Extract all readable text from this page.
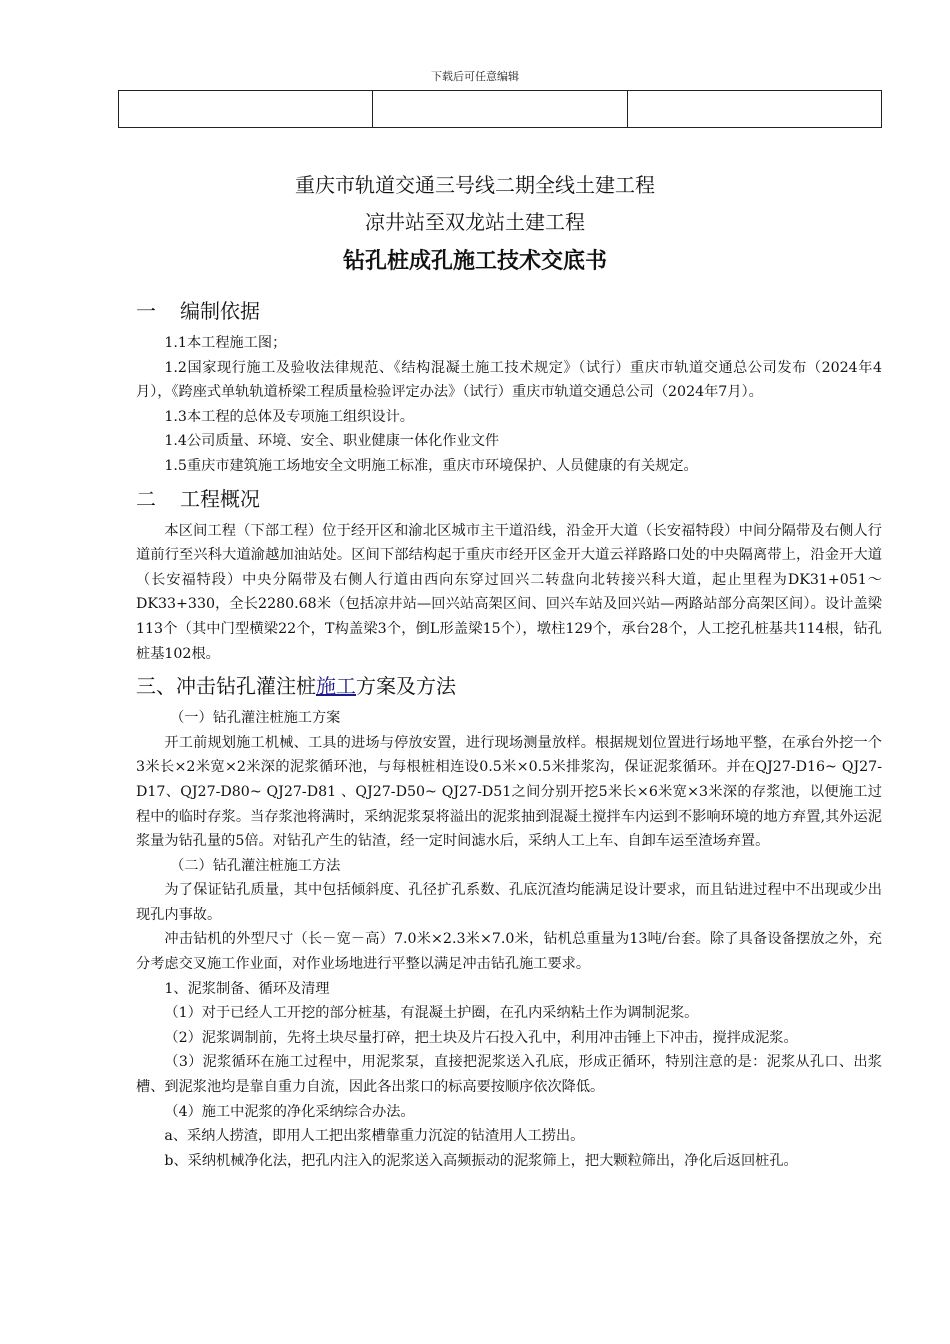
下载后可任意编辑
重庆市轨道交通三号线二期全线土建工程
凉井站至双龙站土建工程
钻孔桩成孔施工技术交底书
一 编制依据

1.1本工程施工图；

1.2国家现行施工及验收法律规范、《结构混凝土施工技术规定》（试行）重庆市轨道交通总公司发布（2024年4月），《跨座式单轨轨道桥梁工程质量检验评定办法》（试行）重庆市轨道交通总公司（2024年7月）。

1.3本工程的总体及专项施工组织设计。

1.4公司质量、环境、安全、职业健康一体化作业文件

1.5重庆市建筑施工场地安全文明施工标准，重庆市环境保护、人员健康的有关规定。

二 工程概况

本区间工程（下部工程）位于经开区和渝北区城市主干道沿线，沿金开大道（长安福特段）中间分隔带及右侧人行道前行至兴科大道渝越加油站处。区间下部结构起于重庆市经开区金开大道云祥路路口处的中央隔离带上，沿金开大道（长安福特段）中央分隔带及右侧人行道由西向东穿过回兴二转盘向北转接兴科大道，起止里程为DK31+051～DK33+330，全长2280.68米（包括凉井站—回兴站高架区间、回兴车站及回兴站—两路站部分高架区间）。设计盖梁113个（其中门型横梁22个，T构盖梁3个，倒L形盖梁15个），墩柱129个，承台28个，人工挖孔桩基共114根，钻孔桩基102根。

三、冲击钻孔灌注桩施工方案及方法

（一）钻孔灌注桩施工方案

开工前规划施工机械、工具的进场与停放安置，进行现场测量放样。根据规划位置进行场地平整，在承台外挖一个3米长×2米宽×2米深的泥浆循环池，与每根桩相连设0.5米×0.5米排浆沟，保证泥浆循环。并在QJ27-D16~ QJ27-D17、QJ27-D80~ QJ27-D81 、QJ27-D50~ QJ27-D51之间分别开挖5米长×6米宽×3米深的存浆池，以便施工过程中的临时存浆。当存浆池将满时，采纳泥浆泵将溢出的泥浆抽到混凝土搅拌车内运到不影响环境的地方弃置,其外运泥浆量为钻孔量的5倍。对钻孔产生的钻渣，经一定时间滤水后，采纳人工上车、自卸车运至渣场弃置。

（二）钻孔灌注桩施工方法

为了保证钻孔质量，其中包括倾斜度、孔径扩孔系数、孔底沉渣均能满足设计要求，而且钻进过程中不出现或少出现孔内事故。

冲击钻机的外型尺寸（长－宽－高）7.0米×2.3米×7.0米，钻机总重量为13吨/台套。除了具备设备摆放之外，充分考虑交叉施工作业面，对作业场地进行平整以满足冲击钻孔施工要求。

1、泥浆制备、循环及清理

（1）对于已经人工开挖的部分桩基，有混凝土护圈，在孔内采纳粘土作为调制泥浆。

（2）泥浆调制前，先将土块尽量打碎，把土块及片石投入孔中，利用冲击锤上下冲击，搅拌成泥浆。

（3）泥浆循环在施工过程中，用泥浆泵，直接把泥浆送入孔底，形成正循环，特别注意的是：泥浆从孔口、出浆槽、到泥浆池均是靠自重力自流，因此各出浆口的标高要按顺序依次降低。

（4）施工中泥浆的净化采纳综合办法。

a、采纳人捞渣，即用人工把出浆槽靠重力沉淀的钻渣用人工捞出。

b、采纳机械净化法，把孔内注入的泥浆送入高频振动的泥浆筛上，把大颗粒筛出，净化后返回桩孔。
